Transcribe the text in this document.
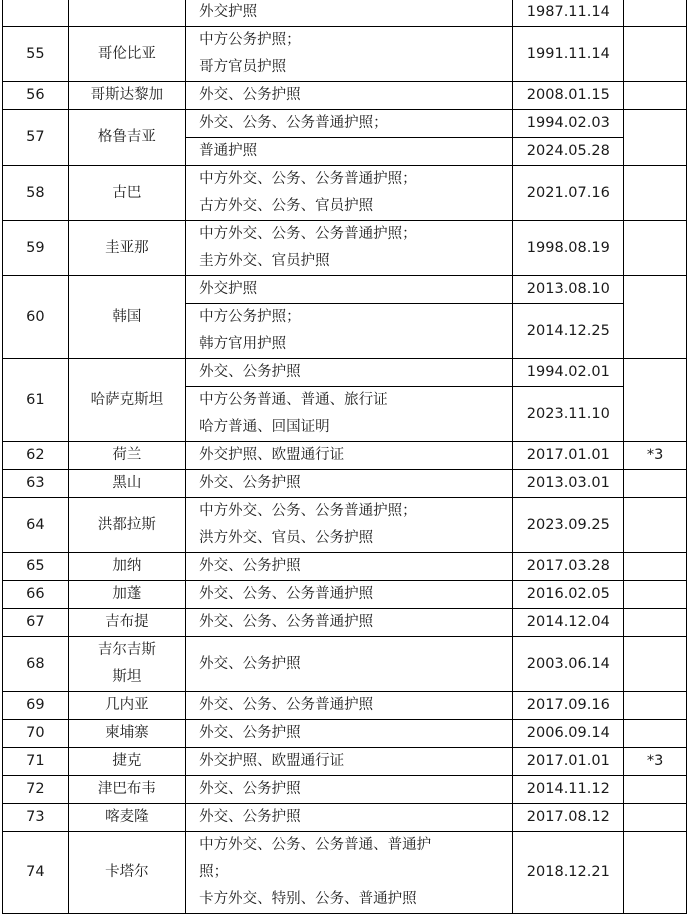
		外交护照	1987.11.14	
55	哥伦比亚	中方公务护照；
哥方官员护照	1991.11.14	
56	哥斯达黎加	外交、公务护照	2008.01.15	
57	格鲁吉亚	外交、公务、公务普通护照；	1994.02.03	

		普通护照	2024.05.28	
58	古巴	中方外交、公务、公务普通护照；
古方外交、公务、官员护照	2021.07.16	
59	圭亚那	中方外交、公务、公务普通护照；
圭方外交、官员护照	1998.08.19	
60	韩国	外交护照	2013.08.10	

		中方公务护照；
韩方官用护照	2014.12.25	
61	哈萨克斯坦	外交、公务护照	1994.02.01	

		中方公务普通、普通、旅行证
哈方普通、回国证明	2023.11.10	
62	荷兰	外交护照、欧盟通行证	2017.01.01	*3
63	黑山	外交、公务护照	2013.03.01	
64	洪都拉斯	中方外交、公务、公务普通护照；
洪方外交、官员、公务护照	2023.09.25	
65	加纳	外交、公务护照	2017.03.28	
66	加蓬	外交、公务、公务普通护照	2016.02.05	
67	吉布提	外交、公务、公务普通护照	2014.12.04	
68	吉尔吉斯
斯坦	外交、公务护照	2003.06.14	
69	几内亚	外交、公务、公务普通护照	2017.09.16	
70	柬埔寨	外交、公务护照	2006.09.14	
71	捷克	外交护照、欧盟通行证	2017.01.01	*3
72	津巴布韦	外交、公务护照	2014.11.12	
73	喀麦隆	外交、公务护照	2017.08.12	
74	卡塔尔	中方外交、公务、公务普通、普通护
照；
卡方外交、特别、公务、普通护照	2018.12.21	
